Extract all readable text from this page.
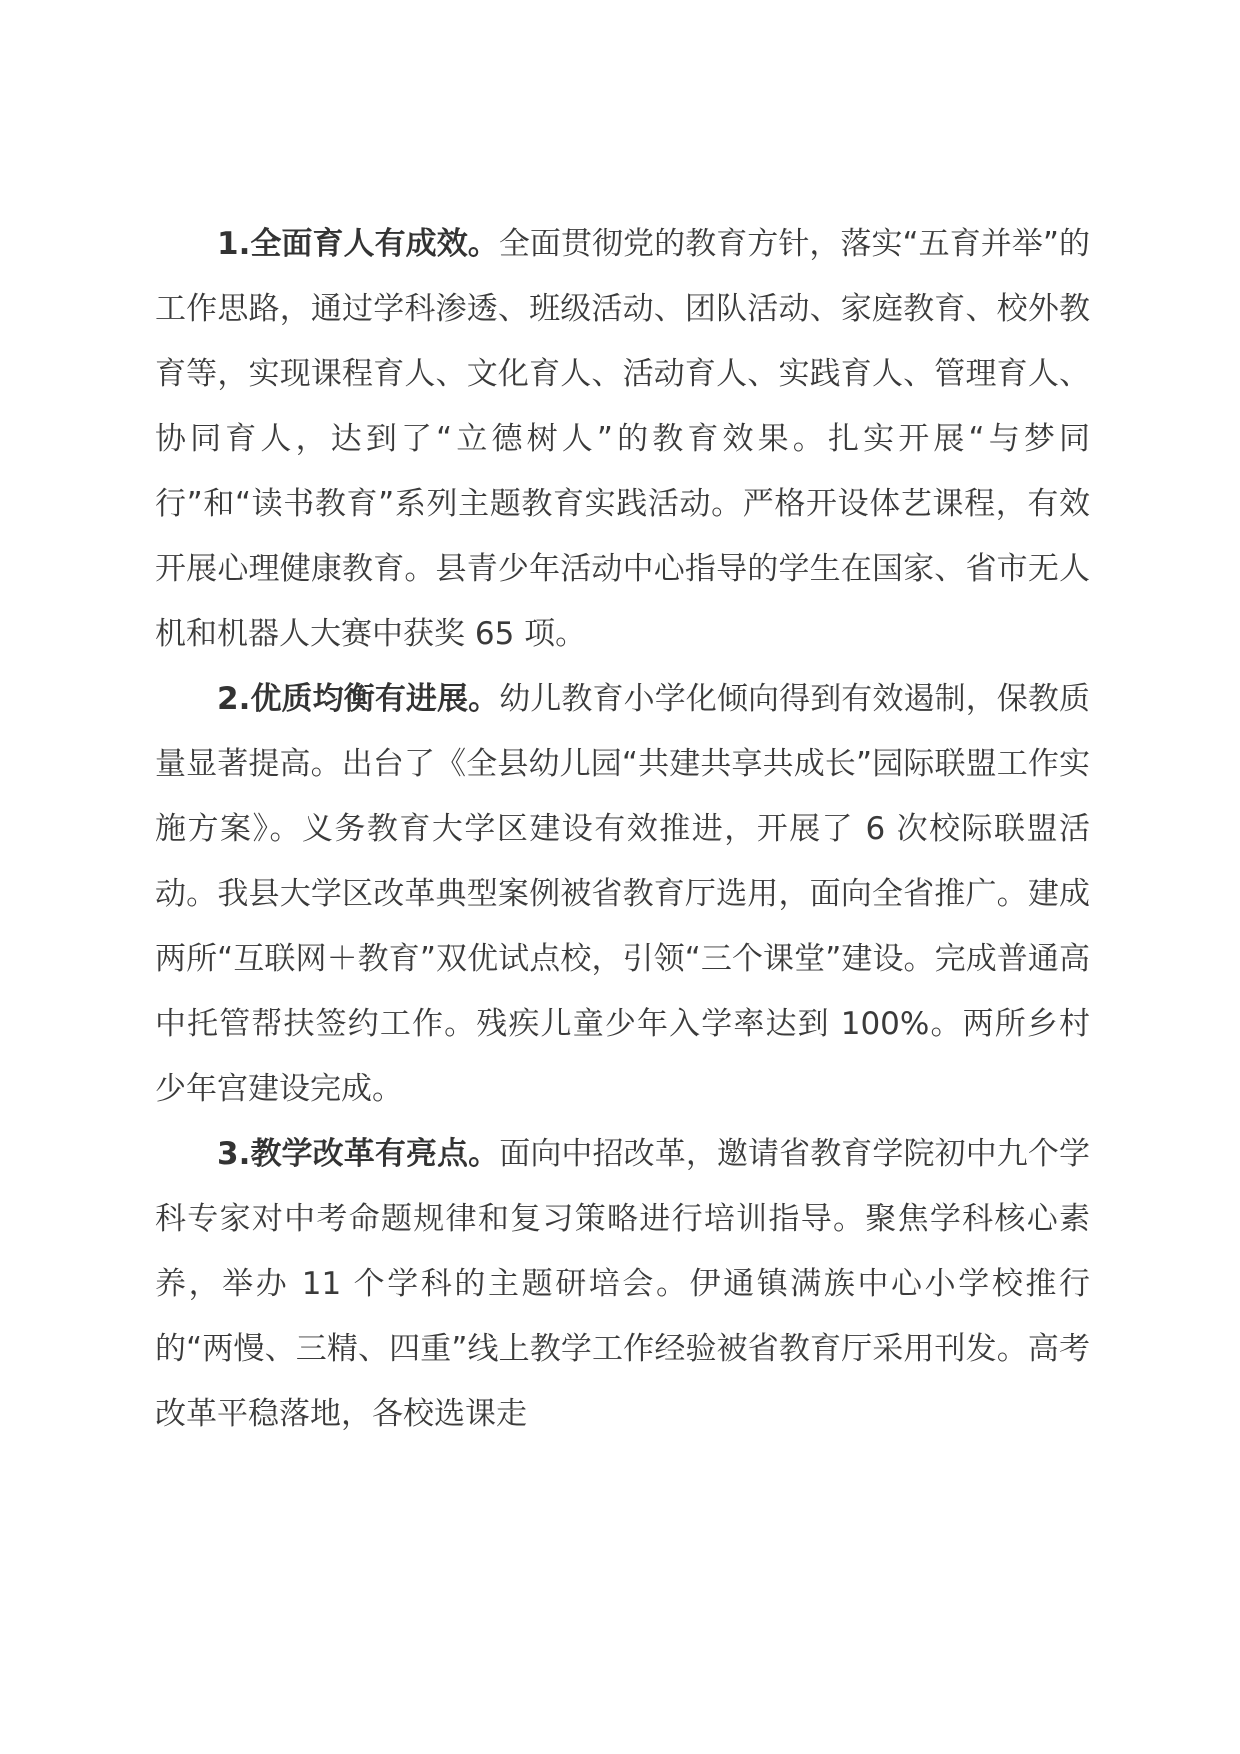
1.全面育人有成效。全面贯彻党的教育方针，落实“五育并举”的工作思路，通过学科渗透、班级活动、团队活动、家庭教育、校外教育等，实现课程育人、文化育人、活动育人、实践育人、管理育人、协同育人，达到了“立德树人”的教育效果。扎实开展“与梦同行”和“读书教育”系列主题教育实践活动。严格开设体艺课程，有效开展心理健康教育。县青少年活动中心指导的学生在国家、省市无人机和机器人大赛中获奖 65 项。

2.优质均衡有进展。幼儿教育小学化倾向得到有效遏制，保教质量显著提高。出台了《全县幼儿园“共建共享共成长”园际联盟工作实施方案》。义务教育大学区建设有效推进，开展了 6 次校际联盟活动。我县大学区改革典型案例被省教育厅选用，面向全省推广。建成两所“互联网＋教育”双优试点校，引领“三个课堂”建设。完成普通高中托管帮扶签约工作。残疾儿童少年入学率达到 100%。两所乡村少年宫建设完成。

3.教学改革有亮点。面向中招改革，邀请省教育学院初中九个学科专家对中考命题规律和复习策略进行培训指导。聚焦学科核心素养，举办 11 个学科的主题研培会。伊通镇满族中心小学校推行的“两慢、三精、四重”线上教学工作经验被省教育厅采用刊发。高考改革平稳落地，各校选课走
